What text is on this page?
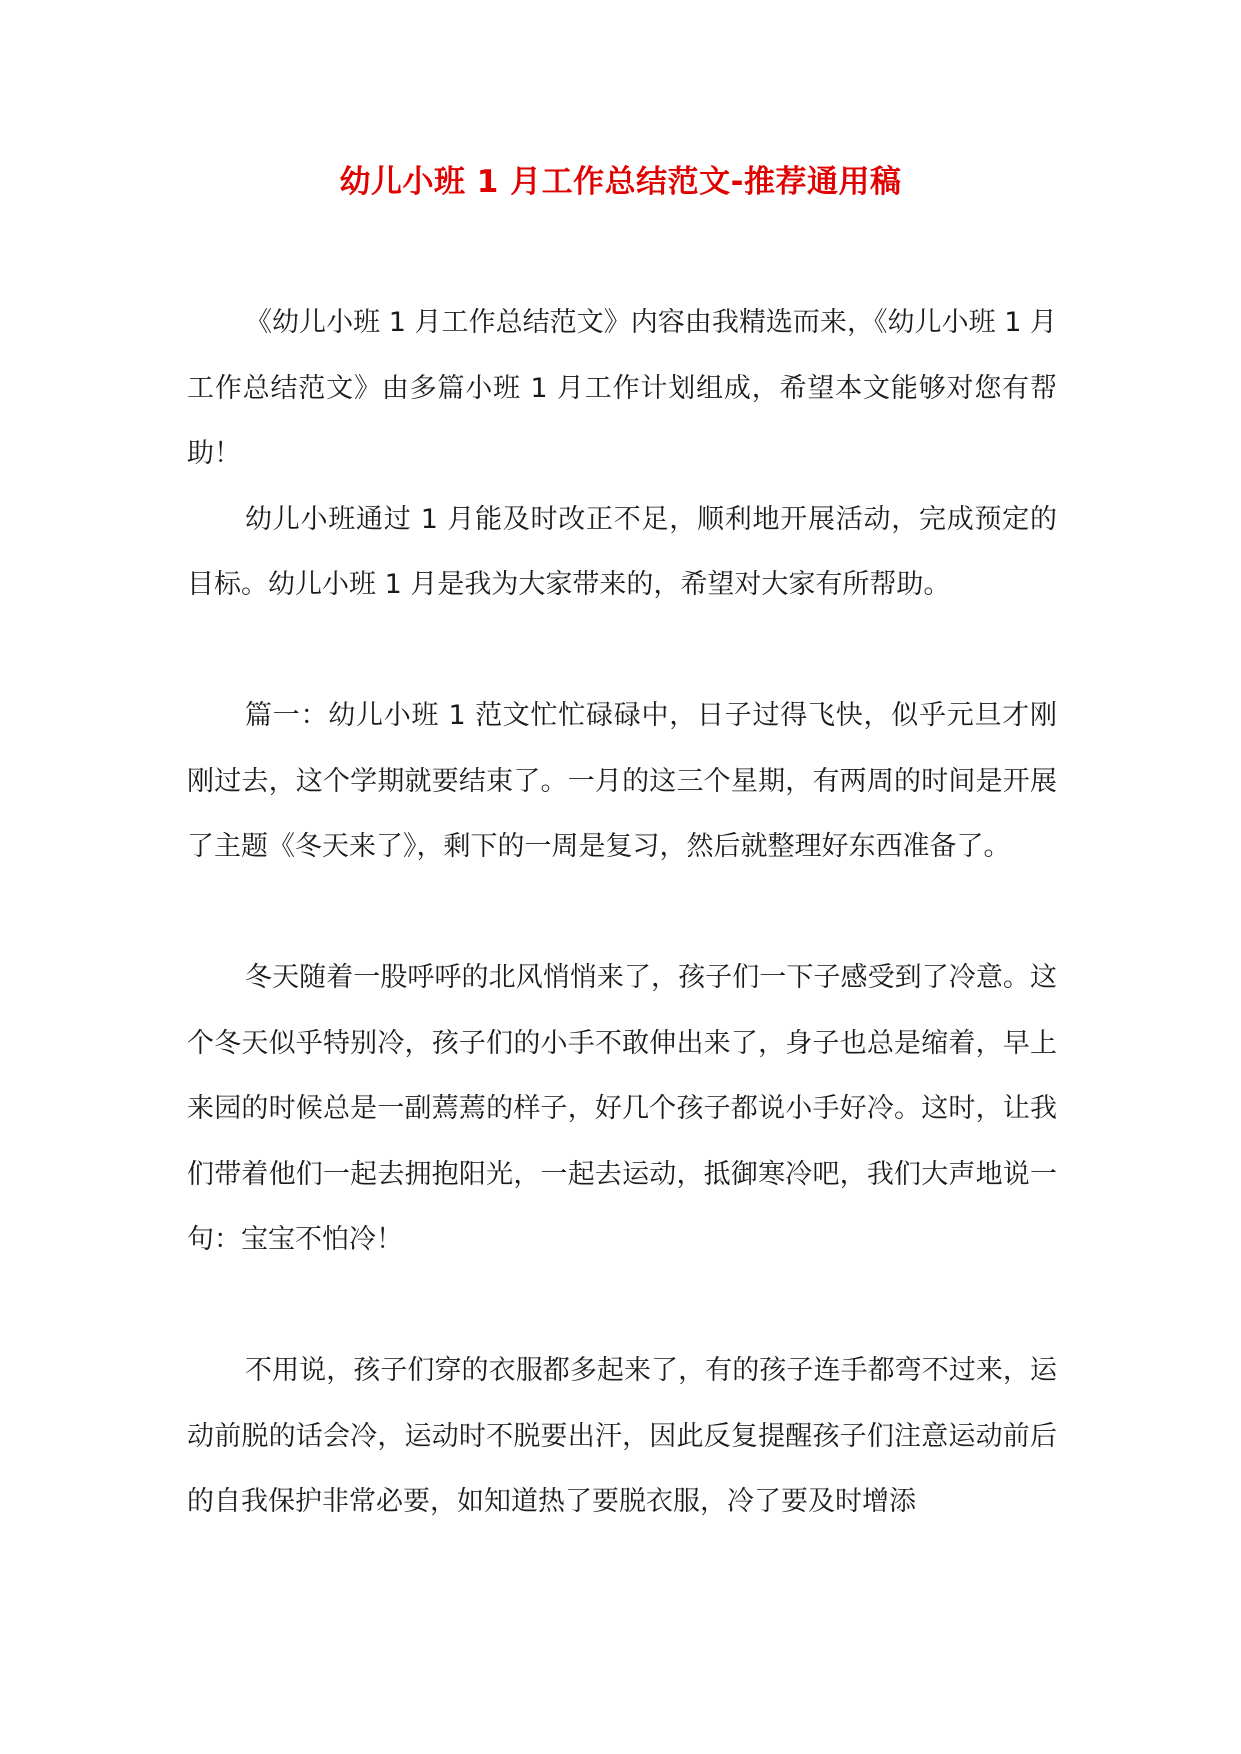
幼儿小班 1 月工作总结范文-推荐通用稿

《幼儿小班 1 月工作总结范文》内容由我精选而来，《幼儿小班 1 月工作总结范文》由多篇小班 1 月工作计划组成，希望本文能够对您有帮助！

幼儿小班通过 1 月能及时改正不足，顺利地开展活动，完成预定的目标。幼儿小班 1 月是我为大家带来的，希望对大家有所帮助。

篇一：幼儿小班 1 范文忙忙碌碌中，日子过得飞快，似乎元旦才刚刚过去，这个学期就要结束了。一月的这三个星期，有两周的时间是开展了主题《冬天来了》，剩下的一周是复习，然后就整理好东西准备了。

冬天随着一股呼呼的北风悄悄来了，孩子们一下子感受到了冷意。这个冬天似乎特别冷，孩子们的小手不敢伸出来了，身子也总是缩着，早上来园的时候总是一副蔫蔫的样子，好几个孩子都说小手好冷。这时，让我们带着他们一起去拥抱阳光，一起去运动，抵御寒冷吧，我们大声地说一句：宝宝不怕冷！

不用说，孩子们穿的衣服都多起来了，有的孩子连手都弯不过来，运动前脱的话会冷，运动时不脱要出汗，因此反复提醒孩子们注意运动前后的自我保护非常必要，如知道热了要脱衣服，冷了要及时增添
